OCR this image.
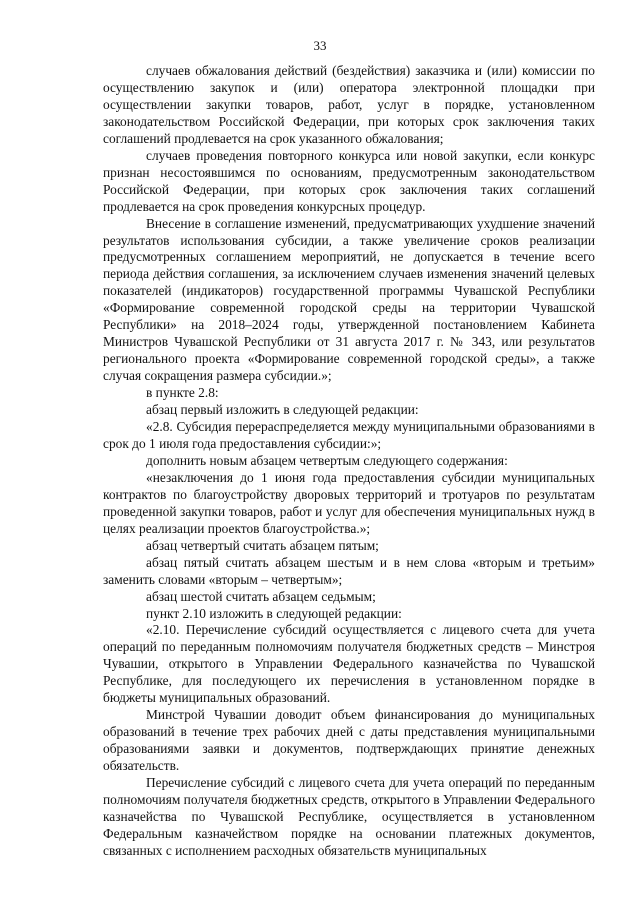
33

случаев обжалования действий (бездействия) заказчика и (или) комиссии по осуществлению закупок и (или) оператора электронной площадки при осуществлении закупки товаров, работ, услуг в порядке, установленном законодательством Российской Федерации, при которых срок заключения таких соглашений продлевается на срок указанного обжалования;

случаев проведения повторного конкурса или новой закупки, если конкурс признан несостоявшимся по основаниям, предусмотренным законодательством Российской Федерации, при которых срок заключения таких соглашений продлевается на срок проведения конкурсных процедур.

Внесение в соглашение изменений, предусматривающих ухудшение значений результатов использования субсидии, а также увеличение сроков реализации предусмотренных соглашением мероприятий, не допускается в течение всего периода действия соглашения, за исключением случаев изменения значений целевых показателей (индикаторов) государственной программы Чувашской Республики «Формирование современной городской среды на территории Чувашской Республики» на 2018–2024 годы, утвержденной постановлением Кабинета Министров Чувашской Республики от 31 августа 2017 г. № 343, или результатов регионального проекта «Формирование современной городской среды», а также случая сокращения размера субсидии.»;

в пункте 2.8:

абзац первый изложить в следующей редакции:

«2.8. Субсидия перераспределяется между муниципальными образованиями в срок до 1 июля года предоставления субсидии:»;

дополнить новым абзацем четвертым следующего содержания:

«незаключения до 1 июня года предоставления субсидии муниципальных контрактов по благоустройству дворовых территорий и тротуаров по результатам проведенной закупки товаров, работ и услуг для обеспечения муниципальных нужд в целях реализации проектов благоустройства.»;

абзац четвертый считать абзацем пятым;

абзац пятый считать абзацем шестым и в нем слова «вторым и третьим» заменить словами «вторым – четвертым»;

абзац шестой считать абзацем седьмым;

пункт 2.10 изложить в следующей редакции:

«2.10. Перечисление субсидий осуществляется с лицевого счета для учета операций по переданным полномочиям получателя бюджетных средств – Минстроя Чувашии, открытого в Управлении Федерального казначейства по Чувашской Республике, для последующего их перечисления в установленном порядке в бюджеты муниципальных образований.

Минстрой Чувашии доводит объем финансирования до муниципальных образований в течение трех рабочих дней с даты представления муниципальными образованиями заявки и документов, подтверждающих принятие денежных обязательств.

Перечисление субсидий с лицевого счета для учета операций по переданным полномочиям получателя бюджетных средств, открытого в Управлении Федерального казначейства по Чувашской Республике, осуществляется в установленном Федеральным казначейством порядке на основании платежных документов, связанных с исполнением расходных обязательств муниципальных
